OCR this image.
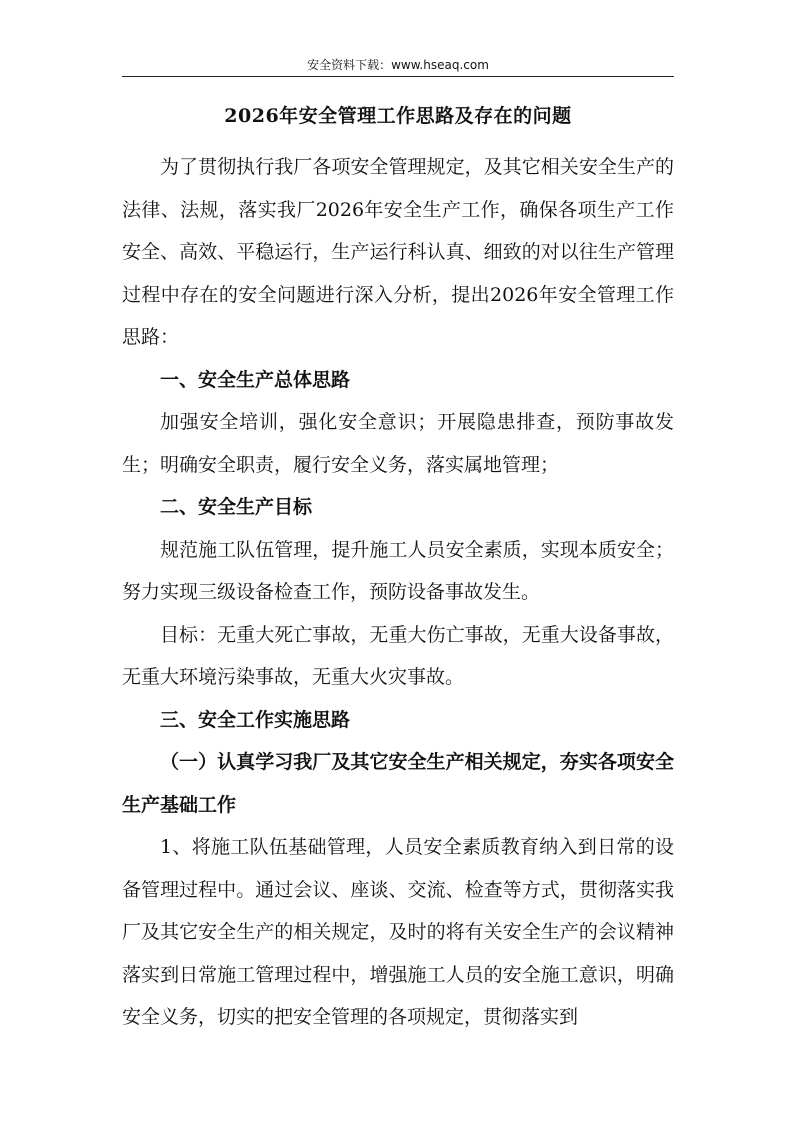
安全资料下载：www.hseaq.com
2026年安全管理工作思路及存在的问题

为了贯彻执行我厂各项安全管理规定，及其它相关安全生产的法律、法规，落实我厂2026年安全生产工作，确保各项生产工作安全、高效、平稳运行，生产运行科认真、细致的对以往生产管理过程中存在的安全问题进行深入分析，提出2026年安全管理工作思路：

一、安全生产总体思路

加强安全培训，强化安全意识；开展隐患排查，预防事故发生；明确安全职责，履行安全义务，落实属地管理；

二、安全生产目标

规范施工队伍管理，提升施工人员安全素质，实现本质安全；努力实现三级设备检查工作，预防设备事故发生。

目标：无重大死亡事故，无重大伤亡事故，无重大设备事故，无重大环境污染事故，无重大火灾事故。

三、安全工作实施思路

（一）认真学习我厂及其它安全生产相关规定，夯实各项安全生产基础工作

1、将施工队伍基础管理，人员安全素质教育纳入到日常的设备管理过程中。通过会议、座谈、交流、检查等方式，贯彻落实我厂及其它安全生产的相关规定，及时的将有关安全生产的会议精神落实到日常施工管理过程中，增强施工人员的安全施工意识，明确安全义务，切实的把安全管理的各项规定，贯彻落实到
